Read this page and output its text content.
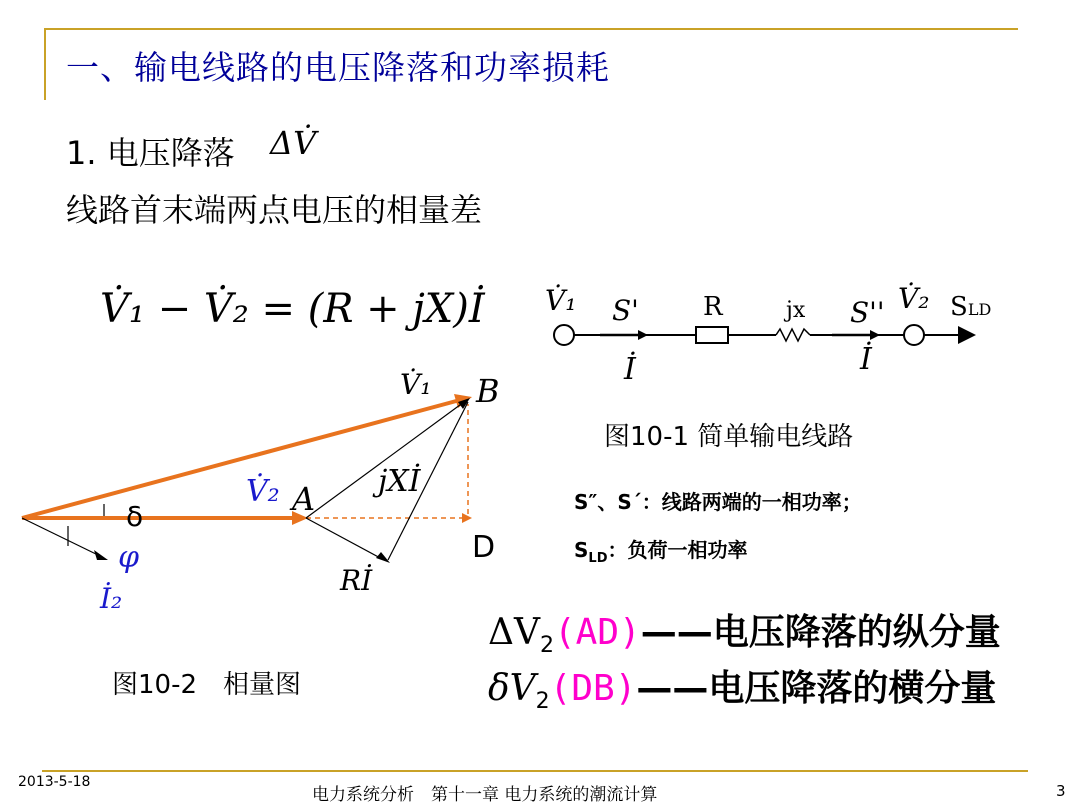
一、输电线路的电压降落和功率损耗
1. 电压降落 ΔV̇
线路首末端两点电压的相量差
V̇₁ − V̇₂ = (R + jX)İ V̇₁ S' R	jx S'' V̇₂ SLD
İ	İ
图10-1 简单输电线路
V̇₁ B
V̇₂ A jXİ
δ
D
φ
Rİ
İ₂
图10-2　相量图
S″、S´：线路两端的一相功率；
$S_{LD}$：负荷一相功率
$\Delta V_2(AD)——$电压降落的纵分量
$\delta V_2(DB)——$电压降落的横分量
2013-5-18
电力系统分析　第十一章 电力系统的潮流计算	3
